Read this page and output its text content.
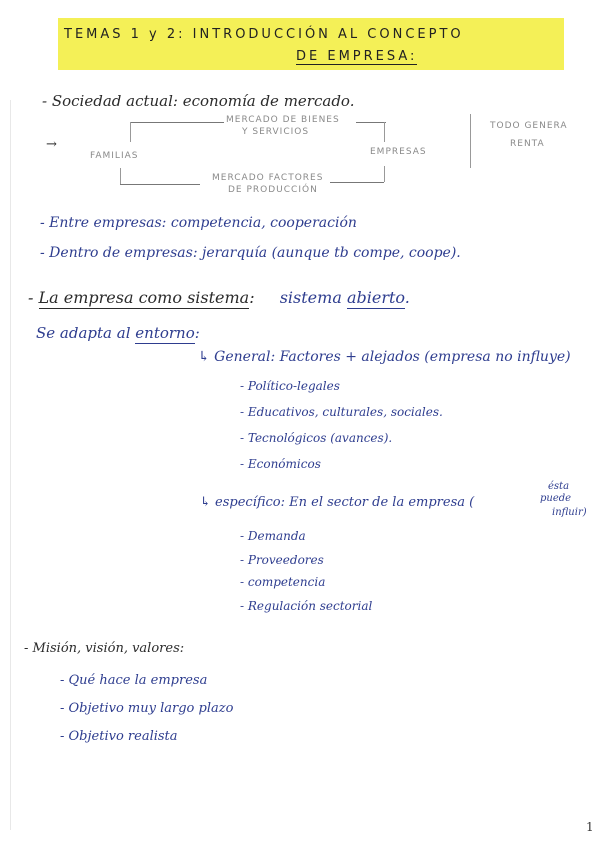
TEMAS 1 y 2: INTRODUCCIÓN AL CONCEPTO
DE EMPRESA:
- Sociedad actual: economía de mercado.
MERCADO DE BIENES
Y SERVICIOS
→
FAMILIAS	EMPRESAS
MERCADO FACTORES
DE PRODUCCIÓN
TODO GENERA
RENTA
- Entre empresas: competencia, cooperación
- Dentro de empresas: jerarquía (aunque tb compe, coope).
- La empresa como sistema: sistema abierto.
Se adapta al entorno:
↳ General: Factores + alejados (empresa no influye)
- Político-legales
- Educativos, culturales, sociales.
- Tecnológicos (avances).
- Económicos
↳ específico: En el sector de la empresa (
ésta
puede
influir)
- Demanda
- Proveedores
- competencia
- Regulación sectorial
- Misión, visión, valores:
- Qué hace la empresa
- Objetivo muy largo plazo
- Objetivo realista
1
